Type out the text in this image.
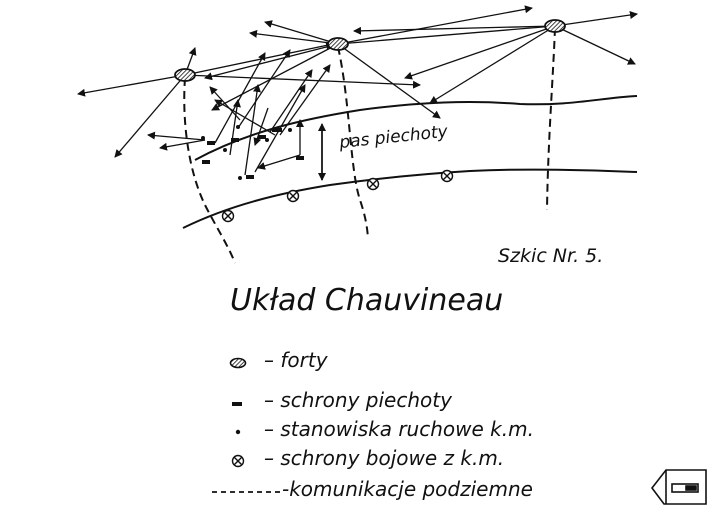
pas piechoty
Szkic Nr. 5.
Układ Chauvineau
– forty
– schrony piechoty
– stanowiska ruchowe k.m.
– schrony bojowe z k.m.
-komunikacje podziemne
